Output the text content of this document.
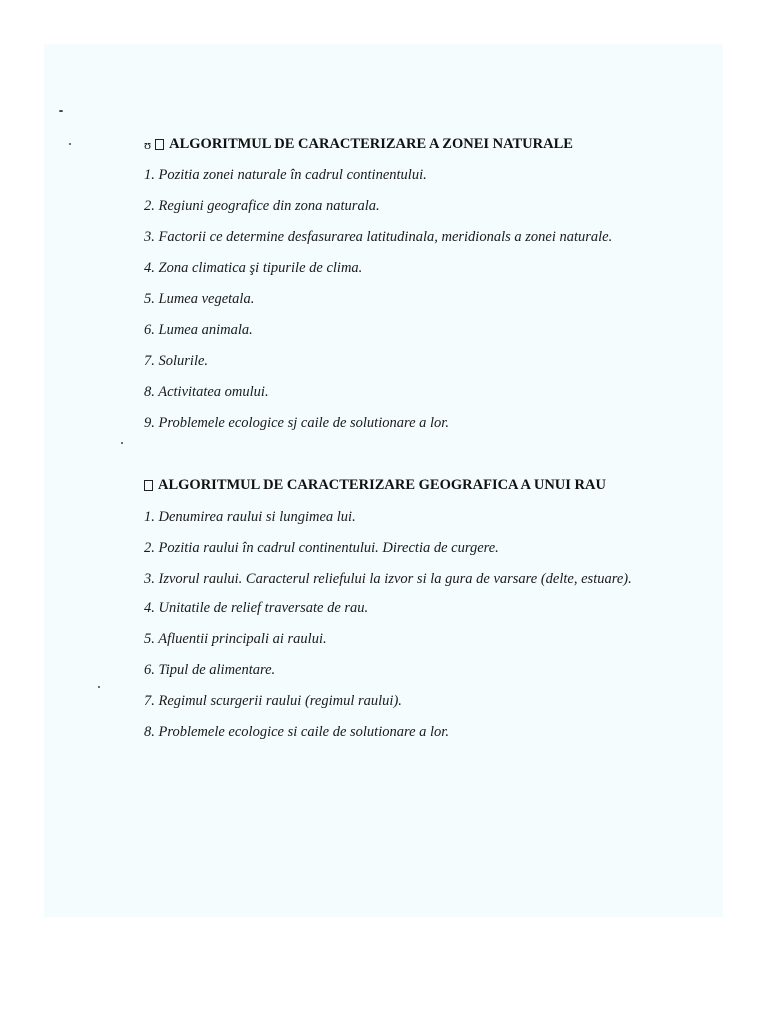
ʊ ALGORITMUL DE CARACTERIZARE A ZONEI NATURALE
1. Pozitia zonei naturale în cadrul continentului.
2. Regiuni geografice din zona naturala.
3. Factorii ce determine desfasurarea latitudinala, meridionals a zonei naturale.
4. Zona climatica şi tipurile de clima.
5. Lumea vegetala.
6. Lumea animala.
7. Solurile.
8. Activitatea omului.
9. Problemele ecologice sj caile de solutionare a lor.
ALGORITMUL DE CARACTERIZARE GEOGRAFICA A UNUI RAU
1. Denumirea raului si lungimea lui.
2. Pozitia raului în cadrul continentului. Directia de curgere.
3. Izvorul raului. Caracterul reliefului la izvor si la gura de varsare (delte, estuare).
4. Unitatile de relief traversate de rau.
5. Afluentii principali ai raului.
6. Tipul de alimentare.
7. Regimul scurgerii raului (regimul raului).
8. Problemele ecologice si caile de solutionare a lor.
